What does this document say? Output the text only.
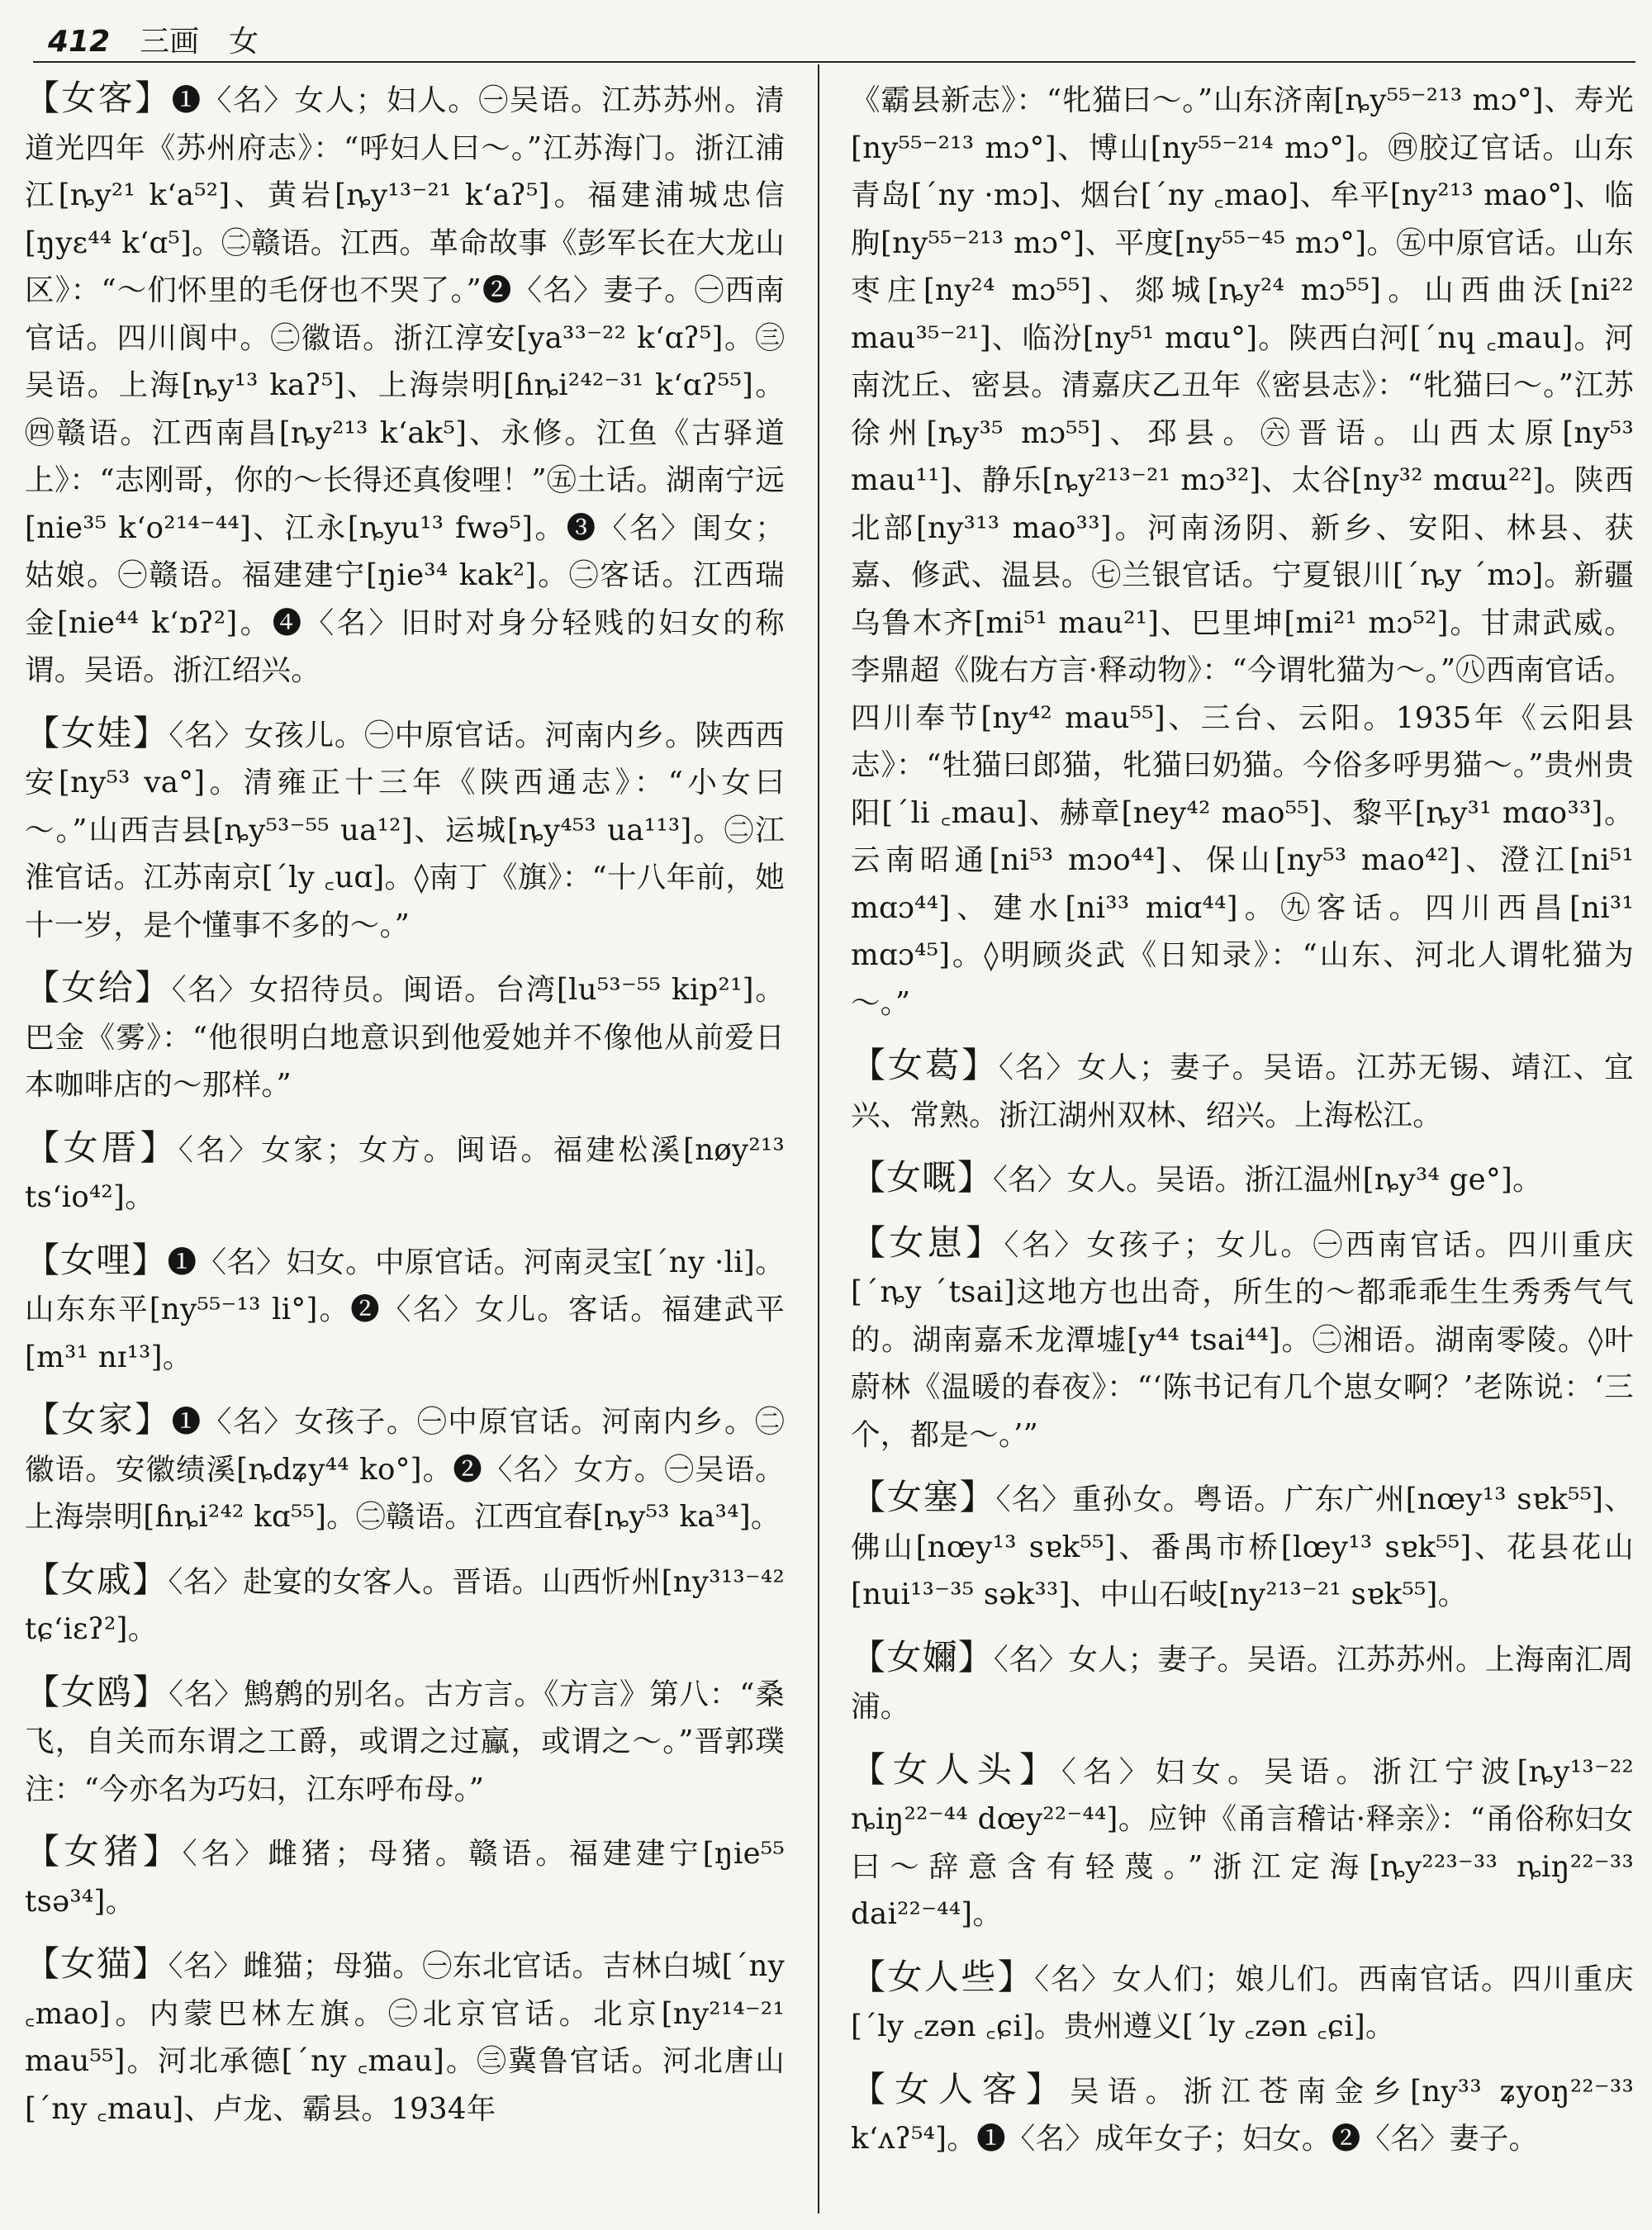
412 三画 女

【女客】❶〈名〉女人；妇人。㊀吴语。江苏苏州。清道光四年《苏州府志》：“呼妇人曰～。”江苏海门。浙江浦江[ȵy²¹ kʻa⁵²]、黄岩[ȵy¹³⁻²¹ kʻaʔ⁵]。福建浦城忠信[ŋyɛ⁴⁴ kʻɑ⁵]。㊁赣语。江西。革命故事《彭军长在大龙山区》：“～们怀里的毛伢也不哭了。”❷〈名〉妻子。㊀西南官话。四川阆中。㊁徽语。浙江淳安[ya³³⁻²² kʻɑʔ⁵]。㊂吴语。上海[ȵy¹³ kaʔ⁵]、上海崇明[ɦȵi²⁴²⁻³¹ kʻɑʔ⁵⁵]。㊃赣语。江西南昌[ȵy²¹³ kʻak⁵]、永修。江鱼《古驿道上》：“志刚哥，你的～长得还真俊哩！”㊄土话。湖南宁远[nie³⁵ kʻo²¹⁴⁻⁴⁴]、江永[ȵyu¹³ fwə⁵]。❸〈名〉闺女；姑娘。㊀赣语。福建建宁[ŋie³⁴ kak²]。㊁客话。江西瑞金[nie⁴⁴ kʻɒʔ²]。❹〈名〉旧时对身分轻贱的妇女的称谓。吴语。浙江绍兴。

【女娃】〈名〉女孩儿。㊀中原官话。河南内乡。陕西西安[ny⁵³ va°]。清雍正十三年《陕西通志》：“小女曰～。”山西吉县[ȵy⁵³⁻⁵⁵ ua¹²]、运城[ȵy⁴⁵³ ua¹¹³]。㊁江淮官话。江苏南京[ˊly ꜀uɑ]。◊南丁《旗》：“十八年前，她十一岁，是个懂事不多的～。”

【女给】〈名〉女招待员。闽语。台湾[lu⁵³⁻⁵⁵ kip²¹]。巴金《雾》：“他很明白地意识到他爱她并不像他从前爱日本咖啡店的～那样。”

【女厝】〈名〉女家；女方。闽语。福建松溪[nøy²¹³ tsʻio⁴²]。

【女哩】❶〈名〉妇女。中原官话。河南灵宝[ˊny ·li]。山东东平[ny⁵⁵⁻¹³ li°]。❷〈名〉女儿。客话。福建武平[m³¹ nɪ¹³]。

【女家】❶〈名〉女孩子。㊀中原官话。河南内乡。㊁徽语。安徽绩溪[ȵdʑy⁴⁴ ko°]。❷〈名〉女方。㊀吴语。上海崇明[ɦȵi²⁴² kɑ⁵⁵]。㊁赣语。江西宜春[ȵy⁵³ ka³⁴]。

【女戚】〈名〉赴宴的女客人。晋语。山西忻州[ny³¹³⁻⁴² tɕʻiɛʔ²]。

【女鸥】〈名〉鹪鹩的别名。古方言。《方言》第八：“桑飞，自关而东谓之工爵，或谓之过鸁，或谓之～。”晋郭璞注：“今亦名为巧妇，江东呼布母。”

【女猪】〈名〉雌猪；母猪。赣语。福建建宁[ŋie⁵⁵ tsə³⁴]。

【女猫】〈名〉雌猫；母猫。㊀东北官话。吉林白城[ˊny ꜀mao]。内蒙巴林左旗。㊁北京官话。北京[ny²¹⁴⁻²¹ mau⁵⁵]。河北承德[ˊny ꜀mau]。㊂冀鲁官话。河北唐山[ˊny ꜀mau]、卢龙、霸县。1934年

《霸县新志》：“牝猫曰～。”山东济南[ȵy⁵⁵⁻²¹³ mɔ°]、寿光[ny⁵⁵⁻²¹³ mɔ°]、博山[ny⁵⁵⁻²¹⁴ mɔ°]。㊃胶辽官话。山东青岛[ˊny ·mɔ]、烟台[ˊny ꜀mao]、牟平[ny²¹³ mao°]、临朐[ny⁵⁵⁻²¹³ mɔ°]、平度[ny⁵⁵⁻⁴⁵ mɔ°]。㊄中原官话。山东枣庄[ny²⁴ mɔ⁵⁵]、郯城[ȵy²⁴ mɔ⁵⁵]。山西曲沃[ni²² mau³⁵⁻²¹]、临汾[ny⁵¹ mɑu°]。陕西白河[ˊnɥ ꜀mau]。河南沈丘、密县。清嘉庆乙丑年《密县志》：“牝猫曰～。”江苏徐州[ȵy³⁵ mɔ⁵⁵]、邳县。㊅晋语。山西太原[ny⁵³ mau¹¹]、静乐[ȵy²¹³⁻²¹ mɔ³²]、太谷[ny³² mɑɯ²²]。陕西北部[ny³¹³ mao³³]。河南汤阴、新乡、安阳、林县、获嘉、修武、温县。㊆兰银官话。宁夏银川[ˊȵy ˊmɔ]。新疆乌鲁木齐[mi⁵¹ mau²¹]、巴里坤[mi²¹ mɔ⁵²]。甘肃武威。李鼎超《陇右方言·释动物》：“今谓牝猫为～。”㊇西南官话。四川奉节[ny⁴² mau⁵⁵]、三台、云阳。1935年《云阳县志》：“牡猫曰郎猫，牝猫曰奶猫。今俗多呼男猫～。”贵州贵阳[ˊli ꜀mau]、赫章[ney⁴² mao⁵⁵]、黎平[ȵy³¹ mɑo³³]。云南昭通[ni⁵³ mɔo⁴⁴]、保山[ny⁵³ mao⁴²]、澄江[ni⁵¹ mɑɔ⁴⁴]、建水[ni³³ miɑ⁴⁴]。㊈客话。四川西昌[ni³¹ mɑɔ⁴⁵]。◊明顾炎武《日知录》：“山东、河北人谓牝猫为～。”

【女葛】〈名〉女人；妻子。吴语。江苏无锡、靖江、宜兴、常熟。浙江湖州双林、绍兴。上海松江。

【女嘅】〈名〉女人。吴语。浙江温州[ȵy³⁴ ge°]。

【女崽】〈名〉女孩子；女儿。㊀西南官话。四川重庆[ˊȵy ˊtsai]这地方也出奇，所生的～都乖乖生生秀秀气气的。湖南嘉禾龙潭墟[y⁴⁴ tsai⁴⁴]。㊁湘语。湖南零陵。◊叶蔚林《温暖的春夜》：“‘陈书记有几个崽女啊？’老陈说：‘三个，都是～。’”

【女塞】〈名〉重孙女。粤语。广东广州[nœy¹³ sɐk⁵⁵]、佛山[nœy¹³ sɐk⁵⁵]、番禺市桥[lœy¹³ sɐk⁵⁵]、花县花山[nui¹³⁻³⁵ sək³³]、中山石岐[ny²¹³⁻²¹ sɐk⁵⁵]。

【女嬭】〈名〉女人；妻子。吴语。江苏苏州。上海南汇周浦。

【女人头】〈名〉妇女。吴语。浙江宁波[ȵy¹³⁻²² ȵiŋ²²⁻⁴⁴ dœy²²⁻⁴⁴]。应钟《甬言稽诂·释亲》：“甬俗称妇女曰～辞意含有轻蔑。”浙江定海[ȵy²²³⁻³³ ȵiŋ²²⁻³³ dai²²⁻⁴⁴]。

【女人些】〈名〉女人们；娘儿们。西南官话。四川重庆[ˊly ꜀zən ꜀ɕi]。贵州遵义[ˊly ꜀zən ꜀ɕi]。

【女人客】吴语。浙江苍南金乡[ny³³ ʑyoŋ²²⁻³³ kʻʌʔ⁵⁴]。❶〈名〉成年女子；妇女。❷〈名〉妻子。
